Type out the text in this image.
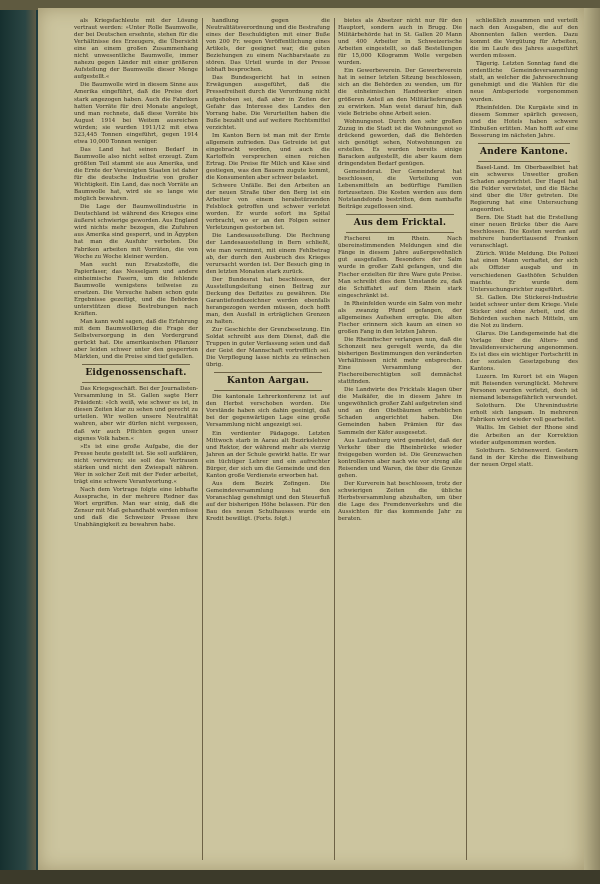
als Kriegsfachleute mit der Lösung vertraut werden: »Unter Rolle Baumwolle, der bei Deutschen ersehnte, stehen für die Verhältnisse des Erzeugers, die Übersicht eine an einem großen Zusammenhang nicht unwesentliche Baumwolle, immer nahezu gegen Länder mit einer größeren Aufstellung der Baumwolle dieser Menge aufgestellt.«

Die Baumwolle wird in diesem Sinne aus Amerika eingeführt, daß die Preise dort stark angezogen haben. Auch die Fabriken hatten Vorräte für drei Monate angelegt, und man rechnete, daß diese Vorräte bis August 1914 bei Weitem ausreichen würden; sie wurden 1911/12 mit etwa 523,445 Tonnen eingeführt, gegen 1914 etwa 10,000 Tonnen weniger.

Das Land hat seinen Bedarf in Baumwolle also nicht selbst erzeugt. Zum größten Teil stammt sie aus Amerika, und die Ernte der Vereinigten Staaten ist daher für die deutsche Industrie von großer Wichtigkeit. Ein Land, das noch Vorräte an Baumwolle hat, wird sie so lange wie möglich bewahren.

Die Lage der Baumwollindustrie in Deutschland ist während des Krieges eine äußerst schwierige geworden. Aus England wird nichts mehr bezogen, die Zufuhren aus Amerika sind gesperrt, und in Ägypten hat man die Ausfuhr verboten. Die Fabriken arbeiten mit Vorräten, die von Woche zu Woche kleiner werden.

Man sucht nun Ersatzstoffe, die Papierfaser, das Nesselgarn und andere einheimische Fasern, um die fehlende Baumwolle wenigstens teilweise zu ersetzen. Die Versuche haben schon gute Ergebnisse gezeitigt, und die Behörden unterstützen diese Bestrebungen nach Kräften.

Man kann wohl sagen, daß die Erfahrung mit dem Baumwollkrieg die Frage der Selbstversorgung in den Vordergrund gerückt hat. Die amerikanischen Pflanzer aber leiden schwer unter den gesperrten Märkten, und die Preise sind tief gefallen.

Eidgenossenschaft.

Das Kriegsgeschäft. Bei der Journalisten-Versammlung in St. Gallen sagte Herr Präsident: »Ich weiß, wie schwer es ist, in diesen Zeiten klar zu sehen und gerecht zu urteilen. Wir wollen unsere Neutralität wahren, aber wir dürfen nicht vergessen, daß wir auch Pflichten gegen unser eigenes Volk haben.«

»Es ist eine große Aufgabe, die der Presse heute gestellt ist. Sie soll aufklären, nicht verwirren; sie soll das Vertrauen stärken und nicht den Zwiespalt nähren. Wer in solcher Zeit mit der Feder arbeitet, trägt eine schwere Verantwortung.«

Nach dem Vortrage folgte eine lebhafte Aussprache, in der mehrere Redner das Wort ergriffen. Man war einig, daß die Zensur mit Maß gehandhabt werden müsse und daß die Schweizer Presse ihre Unabhängigkeit zu bewahren habe.

handlung gegen die Neutralitätsverordnung und die Bestrafung eines der Beschuldigten mit einer Buße von 200 Fr. wegen Veröffentlichung eines Artikels, der geeignet war, die guten Beziehungen zu einem Nachbarstaate zu stören. Das Urteil wurde in der Presse lebhaft besprochen.

Das Bundesgericht hat in seinen Erwägungen ausgeführt, daß die Pressefreiheit durch die Verordnung nicht aufgehoben sei, daß aber in Zeiten der Gefahr das Interesse des Landes den Vorrang habe. Die Verurteilten haben die Buße bezahlt und auf weitere Rechtsmittel verzichtet.

Im Kanton Bern ist man mit der Ernte allgemein zufrieden. Das Getreide ist gut eingebracht worden, und auch die Kartoffeln versprechen einen reichen Ertrag. Die Preise für Milch und Käse sind gestiegen, was den Bauern zugute kommt, die Konsumenten aber schwer belastet.

Schwere Unfälle. Bei den Arbeiten an der neuen Straße über den Berg ist ein Arbeiter von einem herabstürzenden Felsblock getroffen und schwer verletzt worden. Er wurde sofort ins Spital verbracht, wo er an den Folgen seiner Verletzungen gestorben ist.

Die Landesausstellung. Die Rechnung der Landesausstellung in Bern schließt, wie man vernimmt, mit einem Fehlbetrag ab, der durch den Ausbruch des Krieges verursacht worden ist. Der Besuch ging in den letzten Monaten stark zurück.

Der Bundesrat hat beschlossen, der Ausstellungsleitung einen Beitrag zur Deckung des Defizites zu gewähren. Die Garantiefondszeichner werden ebenfalls herangezogen werden müssen, doch hofft man, den Ausfall in erträglichen Grenzen zu halten.

Zur Geschichte der Grenzbesetzung. Ein Soldat schreibt aus dem Dienst, daß die Truppen in guter Verfassung seien und daß der Geist der Mannschaft vortrefflich sei. Die Verpflegung lasse nichts zu wünschen übrig.

Kanton Aargau.

Die kantonale Lehrerkonferenz ist auf den Herbst verschoben worden. Die Vorstände haben sich dahin geeinigt, daß bei der gegenwärtigen Lage eine große Versammlung nicht angezeigt sei.

Ein verdienter Pädagoge. Letzten Mittwoch starb in Aarau alt Bezirkslehrer und Rektor, der während mehr als vierzig Jahren an der Schule gewirkt hatte. Er war ein tüchtiger Lehrer und ein aufrechter Bürger, der sich um die Gemeinde und den Kanton große Verdienste erworben hat.

Aus dem Bezirk Zofingen. Die Gemeindeversammlung hat den Voranschlag genehmigt und den Steuerfuß auf der bisherigen Höhe belassen. Für den Bau des neuen Schulhauses wurde ein Kredit bewilligt. (Forts. folgt.)

bietes als Absetzer nicht nur für den Hauptort, sondern auch in Brugg. Die Militärbehörde hat in St. Gallen 20 Mann und 400 Arbeiter in Schweizerische Arbeiten eingestellt, so daß Bestellungen für 15,000 Kilogramm Wolle vergeben wurden.

Ein Gewerbeverein. Der Gewerbeverein hat in seiner letzten Sitzung beschlossen, sich an die Behörden zu wenden, um für die einheimischen Handwerker einen größeren Anteil an den Militärlieferungen zu erwirken. Man weist darauf hin, daß viele Betriebe ohne Arbeit seien.

Wohnungsnot. Durch den sehr großen Zuzug in die Stadt ist die Wohnungsnot so drückend geworden, daß die Behörden sich genötigt sehen, Notwohnungen zu erstellen. Es wurden bereits einige Baracken aufgestellt, die aber kaum dem dringendsten Bedarf genügen.

Gemeinderat. Der Gemeinderat hat beschlossen, die Verteilung von Lebensmitteln an bedürftige Familien fortzusetzen. Die Kosten werden aus dem Notstandsfonds bestritten, dem namhafte Beiträge zugeflossen sind.

Aus dem Fricktal.

Fischerei im Rhein. Nach übereinstimmenden Meldungen sind die Fänge in diesem Jahre außergewöhnlich gut ausgefallen. Besonders der Salm wurde in großer Zahl gefangen, und die Fischer erzielten für ihre Ware gute Preise. Man schreibt dies dem Umstande zu, daß die Schiffahrt auf dem Rhein stark eingeschränkt ist.

In Rheinfelden wurde ein Salm von mehr als zwanzig Pfund gefangen, der allgemeines Aufsehen erregte. Die alten Fischer erinnern sich kaum an einen so großen Fang in den letzten Jahren.

Die Rheinfischer verlangen nun, daß die Schonzeit neu geregelt werde, da die bisherigen Bestimmungen den veränderten Verhältnissen nicht mehr entsprechen. Eine Versammlung der Fischereiberechtigten soll demnächst stattfinden.

Die Landwirte des Fricktals klagen über die Maikäfer, die in diesem Jahre in ungewöhnlich großer Zahl aufgetreten sind und an den Obstbäumen erheblichen Schaden angerichtet haben. Die Gemeinden haben Prämien für das Sammeln der Käfer ausgesetzt.

Aus Laufenburg wird gemeldet, daß der Verkehr über die Rheinbrücke wieder freigegeben worden ist. Die Grenzwachen kontrollieren aber nach wie vor streng alle Reisenden und Waren, die über die Grenze gehen.

Der Kurverein hat beschlossen, trotz der schwierigen Zeiten die übliche Herbstversammlung abzuhalten, um über die Lage des Fremdenverkehrs und die Aussichten für das kommende Jahr zu beraten.

schließlich zusammen und verteilt nach den Ausgaben, die auf den Abonnenten fallen werden. Dazu kommt die Vergütung für Arbeiten, die im Laufe des Jahres ausgeführt werden müssen.

Tägerig. Letzten Sonntag fand die ordentliche Gemeindeversammlung statt, an welcher die Jahresrechnung genehmigt und die Wahlen für die neue Amtsperiode vorgenommen wurden.

Rheinfelden. Die Kurgäste sind in diesem Sommer spärlich gewesen, und die Hotels haben schwere Einbußen erlitten. Man hofft auf eine Besserung im nächsten Jahre.

Andere Kantone.

Basel-Land. Im Oberbaselbiet hat ein schweres Unwetter großen Schaden angerichtet. Der Hagel hat die Felder verwüstet, und die Bäche sind über die Ufer getreten. Die Regierung hat eine Untersuchung angeordnet.

Bern. Die Stadt hat die Erstellung einer neuen Brücke über die Aare beschlossen. Die Kosten werden auf mehrere hunderttausend Franken veranschlagt.

Zürich. Wilde Meldung. Die Polizei hat einen Mann verhaftet, der sich als Offizier ausgab und in verschiedenen Gasthöfen Schulden machte. Er wurde dem Untersuchungsrichter zugeführt.

St. Gallen. Die Stickerei-Industrie leidet schwer unter dem Kriege. Viele Sticker sind ohne Arbeit, und die Behörden suchen nach Mitteln, um die Not zu lindern.

Glarus. Die Landsgemeinde hat die Vorlage über die Alters- und Invalidenversicherung angenommen. Es ist dies ein wichtiger Fortschritt in der sozialen Gesetzgebung des Kantons.

Luzern. Im Kurort ist ein Wagen mit Reisenden verunglückt. Mehrere Personen wurden verletzt, doch ist niemand lebensgefährlich verwundet.

Solothurn. Die Uhrenindustrie erholt sich langsam. In mehreren Fabriken wird wieder voll gearbeitet.

Wallis. Im Gebiet der Rhone sind die Arbeiten an der Korrektion wieder aufgenommen worden.

Solothurn. Schönenwerd. Gestern fand in der Kirche die Einweihung der neuen Orgel statt.
